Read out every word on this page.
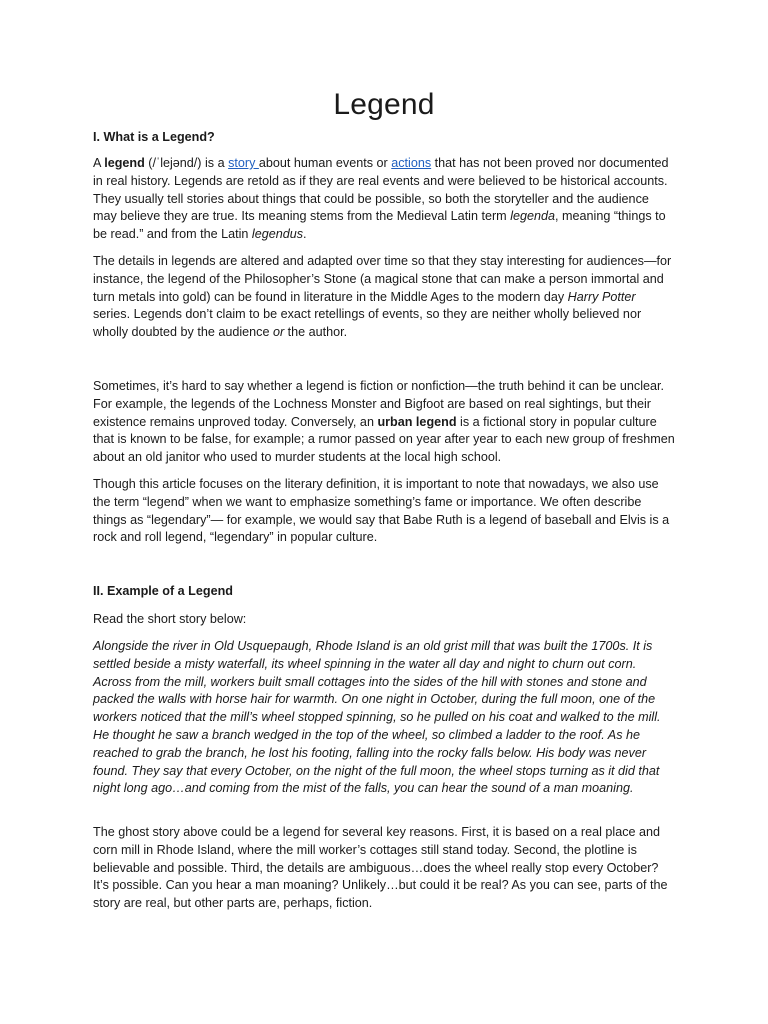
Legend
I. What is a Legend?

A legend (/ˈlejənd/) is a story about human events or actions that has not been proved nor documented in real history. Legends are retold as if they are real events and were believed to be historical accounts. They usually tell stories about things that could be possible, so both the storyteller and the audience may believe they are true. Its meaning stems from the Medieval Latin term legenda, meaning “things to be read.” and from the Latin legendus.

The details in legends are altered and adapted over time so that they stay interesting for audiences—for instance, the legend of the Philosopher’s Stone (a magical stone that can make a person immortal and turn metals into gold) can be found in literature in the Middle Ages to the modern day Harry Potter series. Legends don’t claim to be exact retellings of events, so they are neither wholly believed nor wholly doubted by the audience or the author.

Sometimes, it’s hard to say whether a legend is fiction or nonfiction—the truth behind it can be unclear. For example, the legends of the Lochness Monster and Bigfoot are based on real sightings, but their existence remains unproved today. Conversely, an urban legend is a fictional story in popular culture that is known to be false, for example; a rumor passed on year after year to each new group of freshmen about an old janitor who used to murder students at the local high school.

Though this article focuses on the literary definition, it is important to note that nowadays, we also use the term “legend” when we want to emphasize something’s fame or importance. We often describe things as “legendary”— for example, we would say that Babe Ruth is a legend of baseball and Elvis is a rock and roll legend, “legendary” in popular culture.

II. Example of a Legend

Read the short story below:

Alongside the river in Old Usquepaugh, Rhode Island is an old grist mill that was built the 1700s. It is settled beside a misty waterfall, its wheel spinning in the water all day and night to churn out corn. Across from the mill, workers built small cottages into the sides of the hill with stones and stone and packed the walls with horse hair for warmth. On one night in October, during the full moon, one of the workers noticed that the mill’s wheel stopped spinning, so he pulled on his coat and walked to the mill. He thought he saw a branch wedged in the top of the wheel, so climbed a ladder to the roof. As he reached to grab the branch, he lost his footing, falling into the rocky falls below. His body was never found. They say that every October, on the night of the full moon, the wheel stops turning as it did that night long ago…and coming from the mist of the falls, you can hear the sound of a man moaning.

The ghost story above could be a legend for several key reasons. First, it is based on a real place and corn mill in Rhode Island, where the mill worker’s cottages still stand today. Second, the plotline is believable and possible. Third, the details are ambiguous…does the wheel really stop every October? It’s possible. Can you hear a man moaning? Unlikely…but could it be real? As you can see, parts of the story are real, but other parts are, perhaps, fiction.
